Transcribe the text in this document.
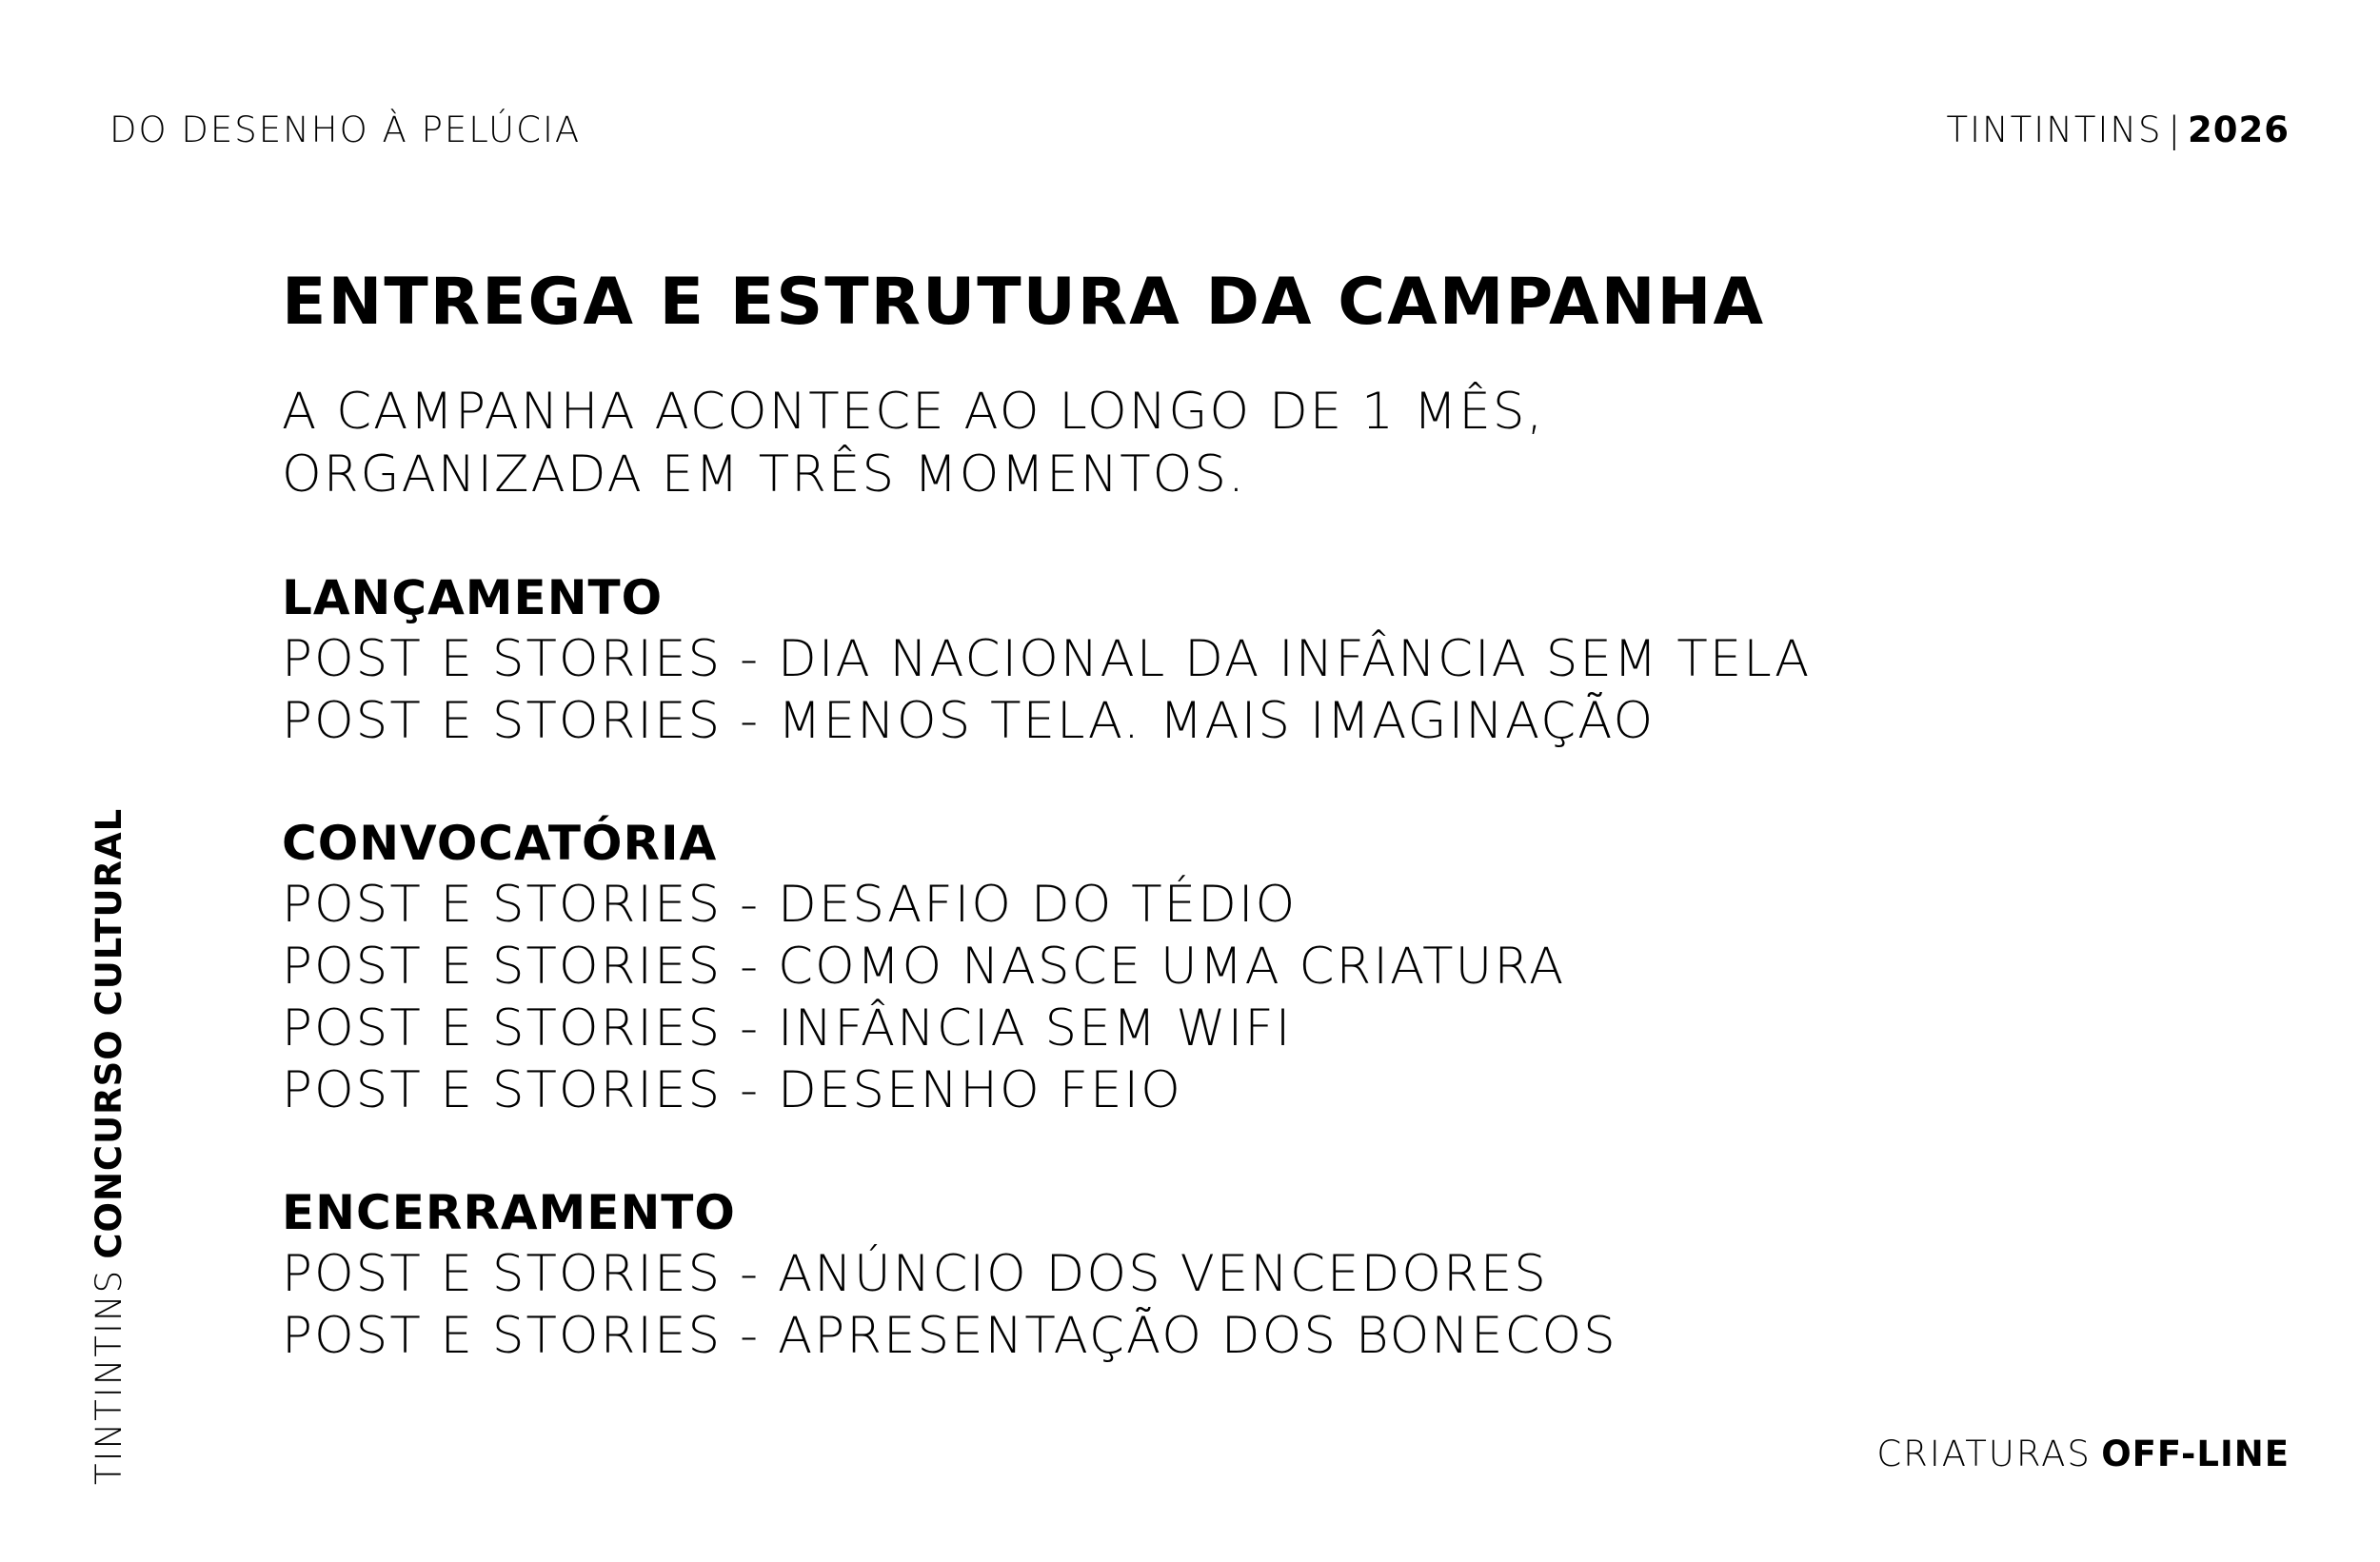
DO DESENHO À PELÚCIA	TINTINTINS | 2026
TINTINTINS CONCURSO CULTURAL
ENTREGA E ESTRUTURA DA CAMPANHA
A CAMPANHA ACONTECE AO LONGO DE 1 MÊS,
ORGANIZADA EM TRÊS MOMENTOS.
LANÇAMENTO
POST E STORIES - DIA NACIONAL DA INFÂNCIA SEM TELA
POST E STORIES - MENOS TELA. MAIS IMAGINAÇÃO
CONVOCATÓRIA
POST E STORIES - DESAFIO DO TÉDIO
POST E STORIES - COMO NASCE UMA CRIATURA
POST E STORIES - INFÂNCIA SEM WIFI
POST E STORIES - DESENHO FEIO
ENCERRAMENTO
POST E STORIES - ANÚNCIO DOS VENCEDORES
POST E STORIES - APRESENTAÇÃO DOS BONECOS
CRIATURAS OFF-LINE
